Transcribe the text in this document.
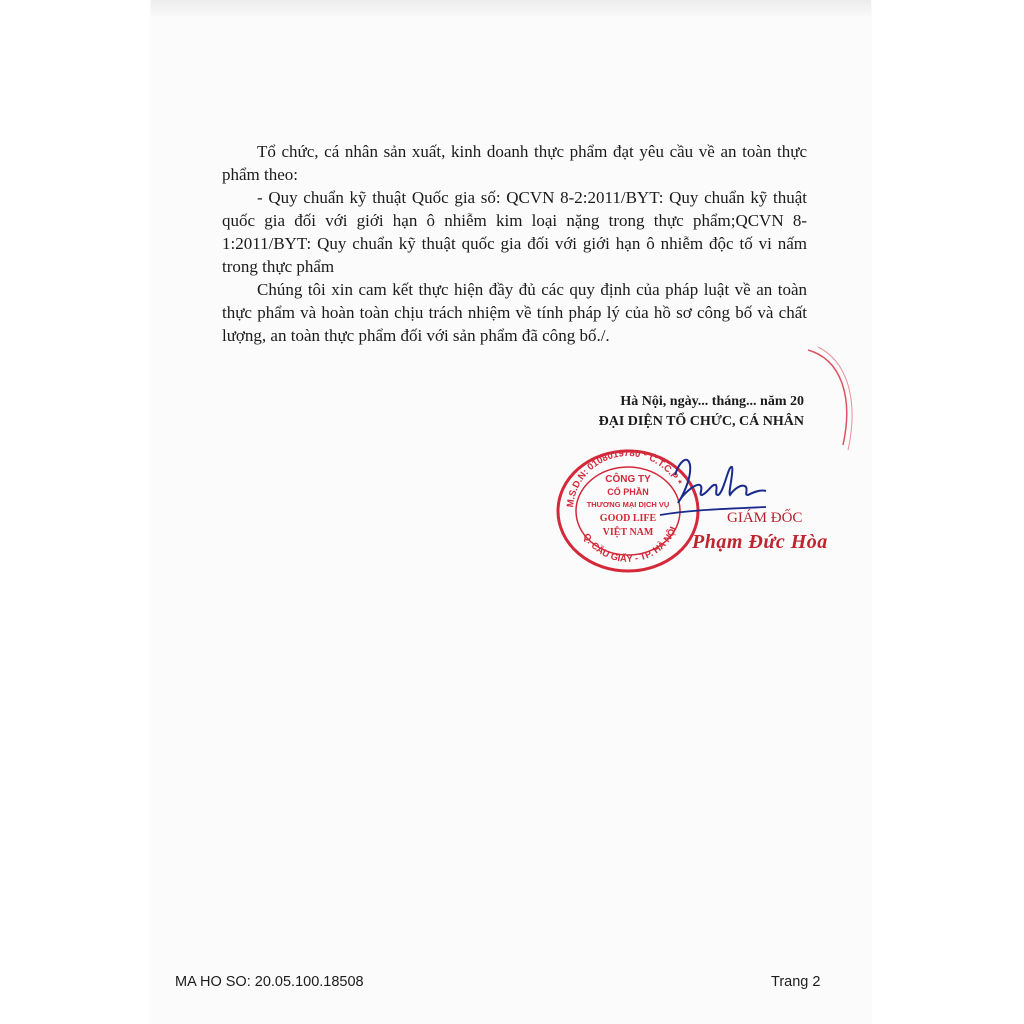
Tổ chức, cá nhân sản xuất, kinh doanh thực phẩm đạt yêu cầu về an toàn thực phẩm theo:

- Quy chuẩn kỹ thuật Quốc gia số: QCVN 8-2:2011/BYT: Quy chuẩn kỹ thuật quốc gia đối với giới hạn ô nhiễm kim loại nặng trong thực phẩm;QCVN 8-1:2011/BYT: Quy chuẩn kỹ thuật quốc gia đối với giới hạn ô nhiễm độc tố vi nấm trong thực phẩm

Chúng tôi xin cam kết thực hiện đầy đủ các quy định của pháp luật về an toàn thực phẩm và hoàn toàn chịu trách nhiệm về tính pháp lý của hồ sơ công bố và chất lượng, an toàn thực phẩm đối với sản phẩm đã công bố./.

Hà Nội, ngày... tháng... năm 20
ĐẠI DIỆN TỔ CHỨC, CÁ NHÂN
M.S.D.N: 0108019780 * C.T.C.P *
Q. CẦU GIẤY - TP. HÀ NỘI
CÔNG TY
CỔ PHẦN
THƯƠNG MẠI DỊCH VỤ
GOOD LIFE
VIỆT NAM
GIÁM ĐỐC
Phạm Đức Hòa
MA HO SO: 20.05.100.18508	Trang 2
